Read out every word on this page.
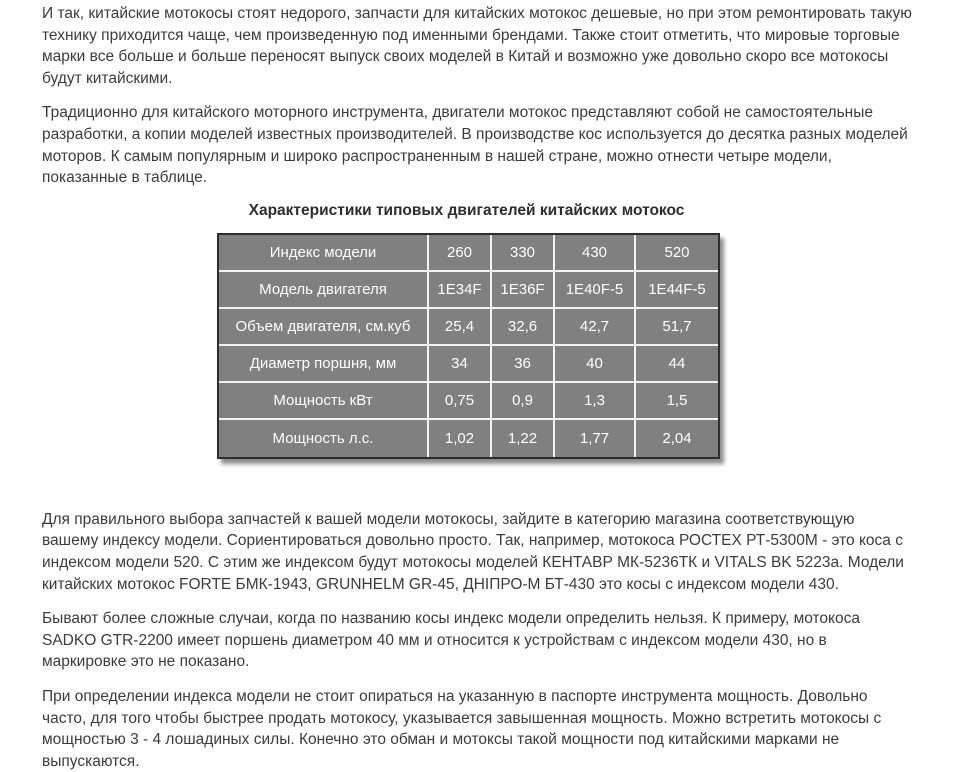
И так, китайские мотокосы стоят недорого, запчасти для китайских мотокос дешевые, но при этом ремонтировать такую технику приходится чаще, чем произведенную под именными брендами. Также стоит отметить, что мировые торговые марки все больше и больше переносят выпуск своих моделей в Китай и возможно уже довольно скоро все мотокосы будут китайскими.

Традиционно для китайского моторного инструмента, двигатели мотокос представляют собой не самостоятельные разработки, а копии моделей известных производителей. В производстве кос используется до десятка разных моделей моторов. К самым популярным и широко распространенным в нашей стране, можно отнести четыре модели, показанные в таблице.

Характеристики типовых двигателей китайских мотокос
Индекс модели	260	330	430	520
Модель двигателя	1E34F	1E36F	1E40F-5	1E44F-5
Объем двигателя, см.куб	25,4	32,6	42,7	51,7
Диаметр поршня, мм	34	36	40	44
Мощность кВт	0,75	0,9	1,3	1,5
Мощность л.с.	1,02	1,22	1,77	2,04

Для правильного выбора запчастей к вашей модели мотокосы, зайдите в категорию магазина соответствующую вашему индексу модели. Сориентироваться довольно просто. Так, например, мотокоса РОСТЕХ РТ-5300М - это коса с индексом модели 520. С этим же индексом будут мотокосы моделей КЕНТАВР МК-5236ТК и VITALS BK 5223a. Модели китайских мотокос FORTE БМК-1943, GRUNHELM GR-45, ДНІПРО-М БТ-430 это косы с индексом модели 430.

Бывают более сложные случаи, когда по названию косы индекс модели определить нельзя. К примеру, мотокоса SADKO GTR-2200 имеет поршень диаметром 40 мм и относится к устройствам с индексом модели 430, но в маркировке это не показано.

При определении индекса модели не стоит опираться на указанную в паспорте инструмента мощность. Довольно часто, для того чтобы быстрее продать мотокосу, указывается завышенная мощность. Можно встретить мотокосы с мощностью 3 - 4 лошадиных силы. Конечно это обман и мотоксы такой мощности под китайскими марками не выпускаются.
